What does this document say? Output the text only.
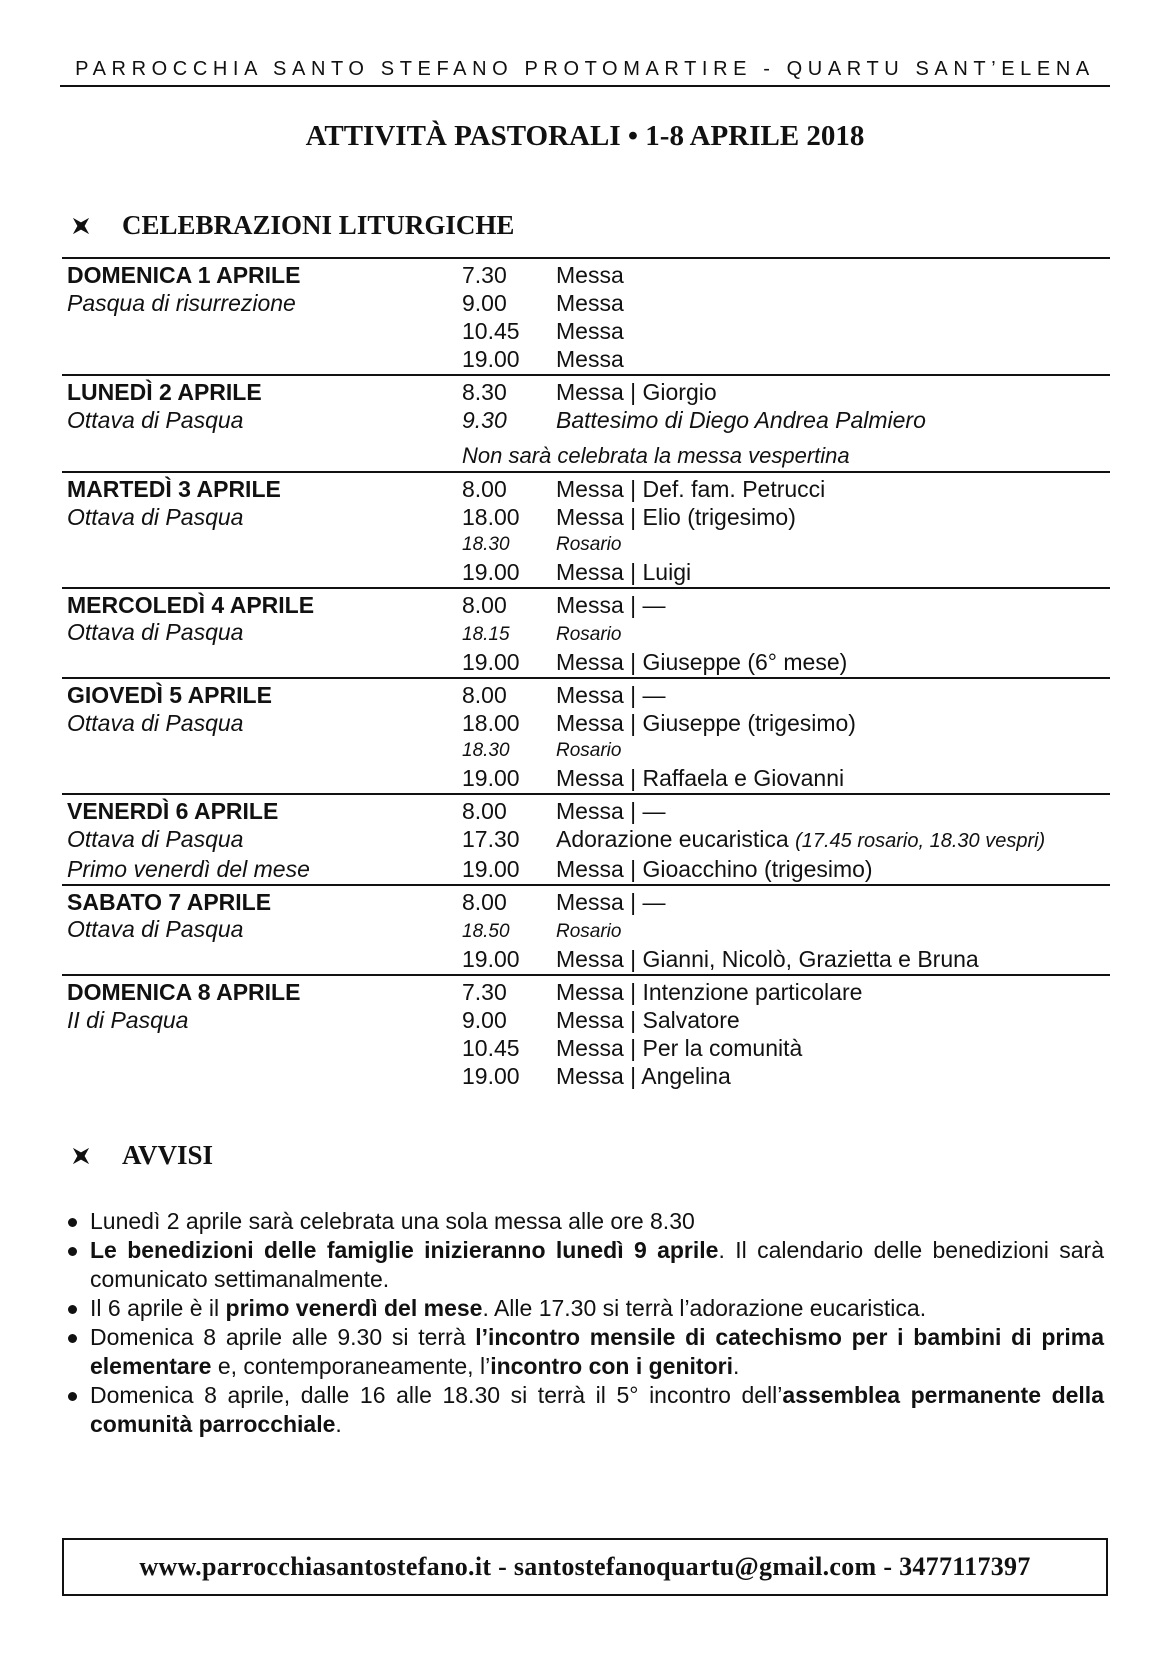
PARROCCHIA SANTO STEFANO PROTOMARTIRE - QUARTU SANT’ELENA
ATTIVITÀ PASTORALI • 1-8 APRILE 2018
CELEBRAZIONI LITURGICHE
DOMENICA 1 APRILE	7.30	Messa
Pasqua di risurrezione	9.00	Messa
10.45	Messa
19.00	Messa
LUNEDÌ 2 APRILE	8.30	Messa | Giorgio
Ottava di Pasqua	9.30	Battesimo di Diego Andrea Palmiero
Non sarà celebrata la messa vespertina
MARTEDÌ 3 APRILE	8.00	Messa | Def. fam. Petrucci
Ottava di Pasqua	18.00	Messa | Elio (trigesimo)
18.30	Rosario
19.00	Messa | Luigi
MERCOLEDÌ 4 APRILE	8.00	Messa | —
Ottava di Pasqua	18.15	Rosario
19.00	Messa | Giuseppe (6° mese)
GIOVEDÌ 5 APRILE	8.00	Messa | —
Ottava di Pasqua	18.00	Messa | Giuseppe (trigesimo)
18.30	Rosario
19.00	Messa | Raffaela e Giovanni
VENERDÌ 6 APRILE	8.00	Messa | —
Ottava di Pasqua	17.30	Adorazione eucaristica (17.45 rosario, 18.30 vespri)
Primo venerdì del mese	19.00	Messa | Gioacchino (trigesimo)
SABATO 7 APRILE	8.00	Messa | —
Ottava di Pasqua	18.50	Rosario
19.00	Messa | Gianni, Nicolò, Grazietta e Bruna
DOMENICA 8 APRILE	7.30	Messa | Intenzione particolare
II di Pasqua	9.00	Messa | Salvatore
10.45	Messa | Per la comunità
19.00	Messa | Angelina
AVVISI
Lunedì 2 aprile sarà celebrata una sola messa alle ore 8.30
Le benedizioni delle famiglie inizieranno lunedì 9 aprile. Il calendario delle benedizioni sarà comunicato settimanalmente.
Il 6 aprile è il primo venerdì del mese. Alle 17.30 si terrà l’adorazione eucaristica.
Domenica 8 aprile alle 9.30 si terrà l’incontro mensile di catechismo per i bambini di prima elementare e, contemporaneamente, l’incontro con i genitori.
Domenica 8 aprile, dalle 16 alle 18.30 si terrà il 5° incontro dell’assemblea permanente della comunità parrocchiale.
www.parrocchiasantostefano.it - santostefanoquartu@gmail.com - 3477117397
